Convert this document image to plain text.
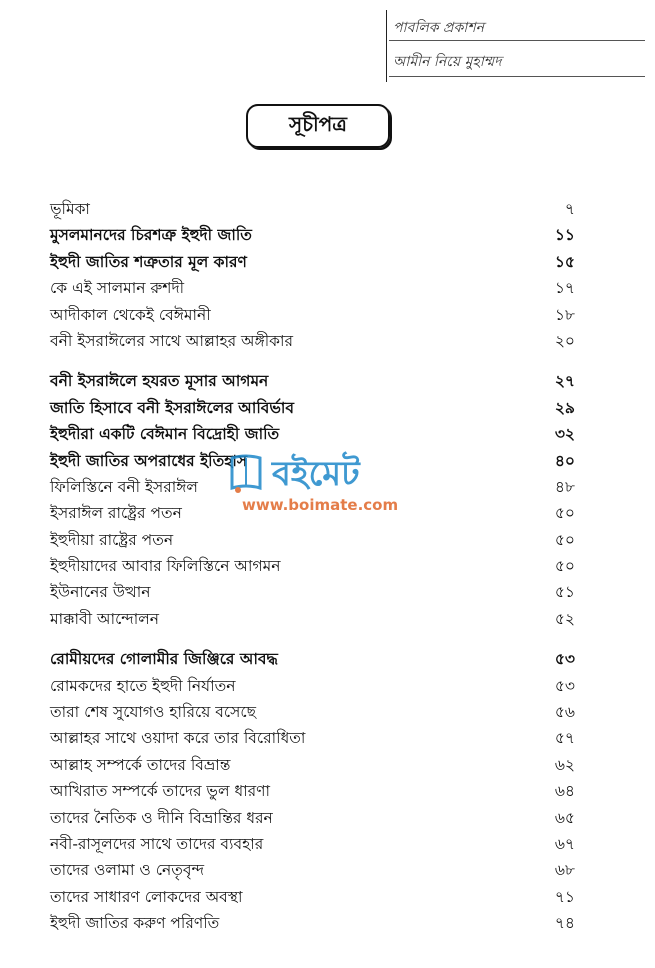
পাবলিক প্রকাশন
আমীন নিয়ে মুহাম্মদ
সূচীপত্র
ভূমিকা	৭
মুসলমানদের চিরশত্রু ইহুদী জাতি	১১
ইহুদী জাতির শত্রুতার মূল কারণ	১৫
কে এই সালমান রুশদী	১৭
আদীকাল থেকেই বেঈমানী	১৮
বনী ইসরাঈলের সাথে আল্লাহর অঙ্গীকার	২০
বনী ইসরাঈলে হযরত মূসার আগমন	২৭
জাতি হিসাবে বনী ইসরাঈলের আবির্ভাব	২৯
ইহুদীরা একটি বেঈমান বিদ্রোহী জাতি	৩২
ইহুদী জাতির অপরাধের ইতিহাস	৪০
ফিলিস্তিনে বনী ইসরাঈল	৪৮
ইসরাঈল রাষ্ট্রের পতন	৫০
ইহুদীয়া রাষ্ট্রের পতন	৫০
ইহুদীয়াদের আবার ফিলিস্তিনে আগমন	৫০
ইউনানের উত্থান	৫১
মাক্কাবী আন্দোলন	৫২
রোমীয়দের গোলামীর জিঞ্জিরে আবদ্ধ	৫৩
রোমকদের হাতে ইহুদী নির্যাতন	৫৩
তারা শেষ সুযোগও হারিয়ে বসেছে	৫৬
আল্লাহর সাথে ওয়াদা করে তার বিরোধিতা	৫৭
আল্লাহ সম্পর্কে তাদের বিভ্রান্ত	৬২
আখিরাত সম্পর্কে তাদের ভুল ধারণা	৬৪
তাদের নৈতিক ও দীনি বিভ্রান্তির ধরন	৬৫
নবী-রাসূলদের সাথে তাদের ব্যবহার	৬৭
তাদের ওলামা ও নেতৃবৃন্দ	৬৮
তাদের সাধারণ লোকদের অবস্থা	৭১
ইহুদী জাতির করুণ পরিণতি	৭৪
বইমেট
www.boimate.com
